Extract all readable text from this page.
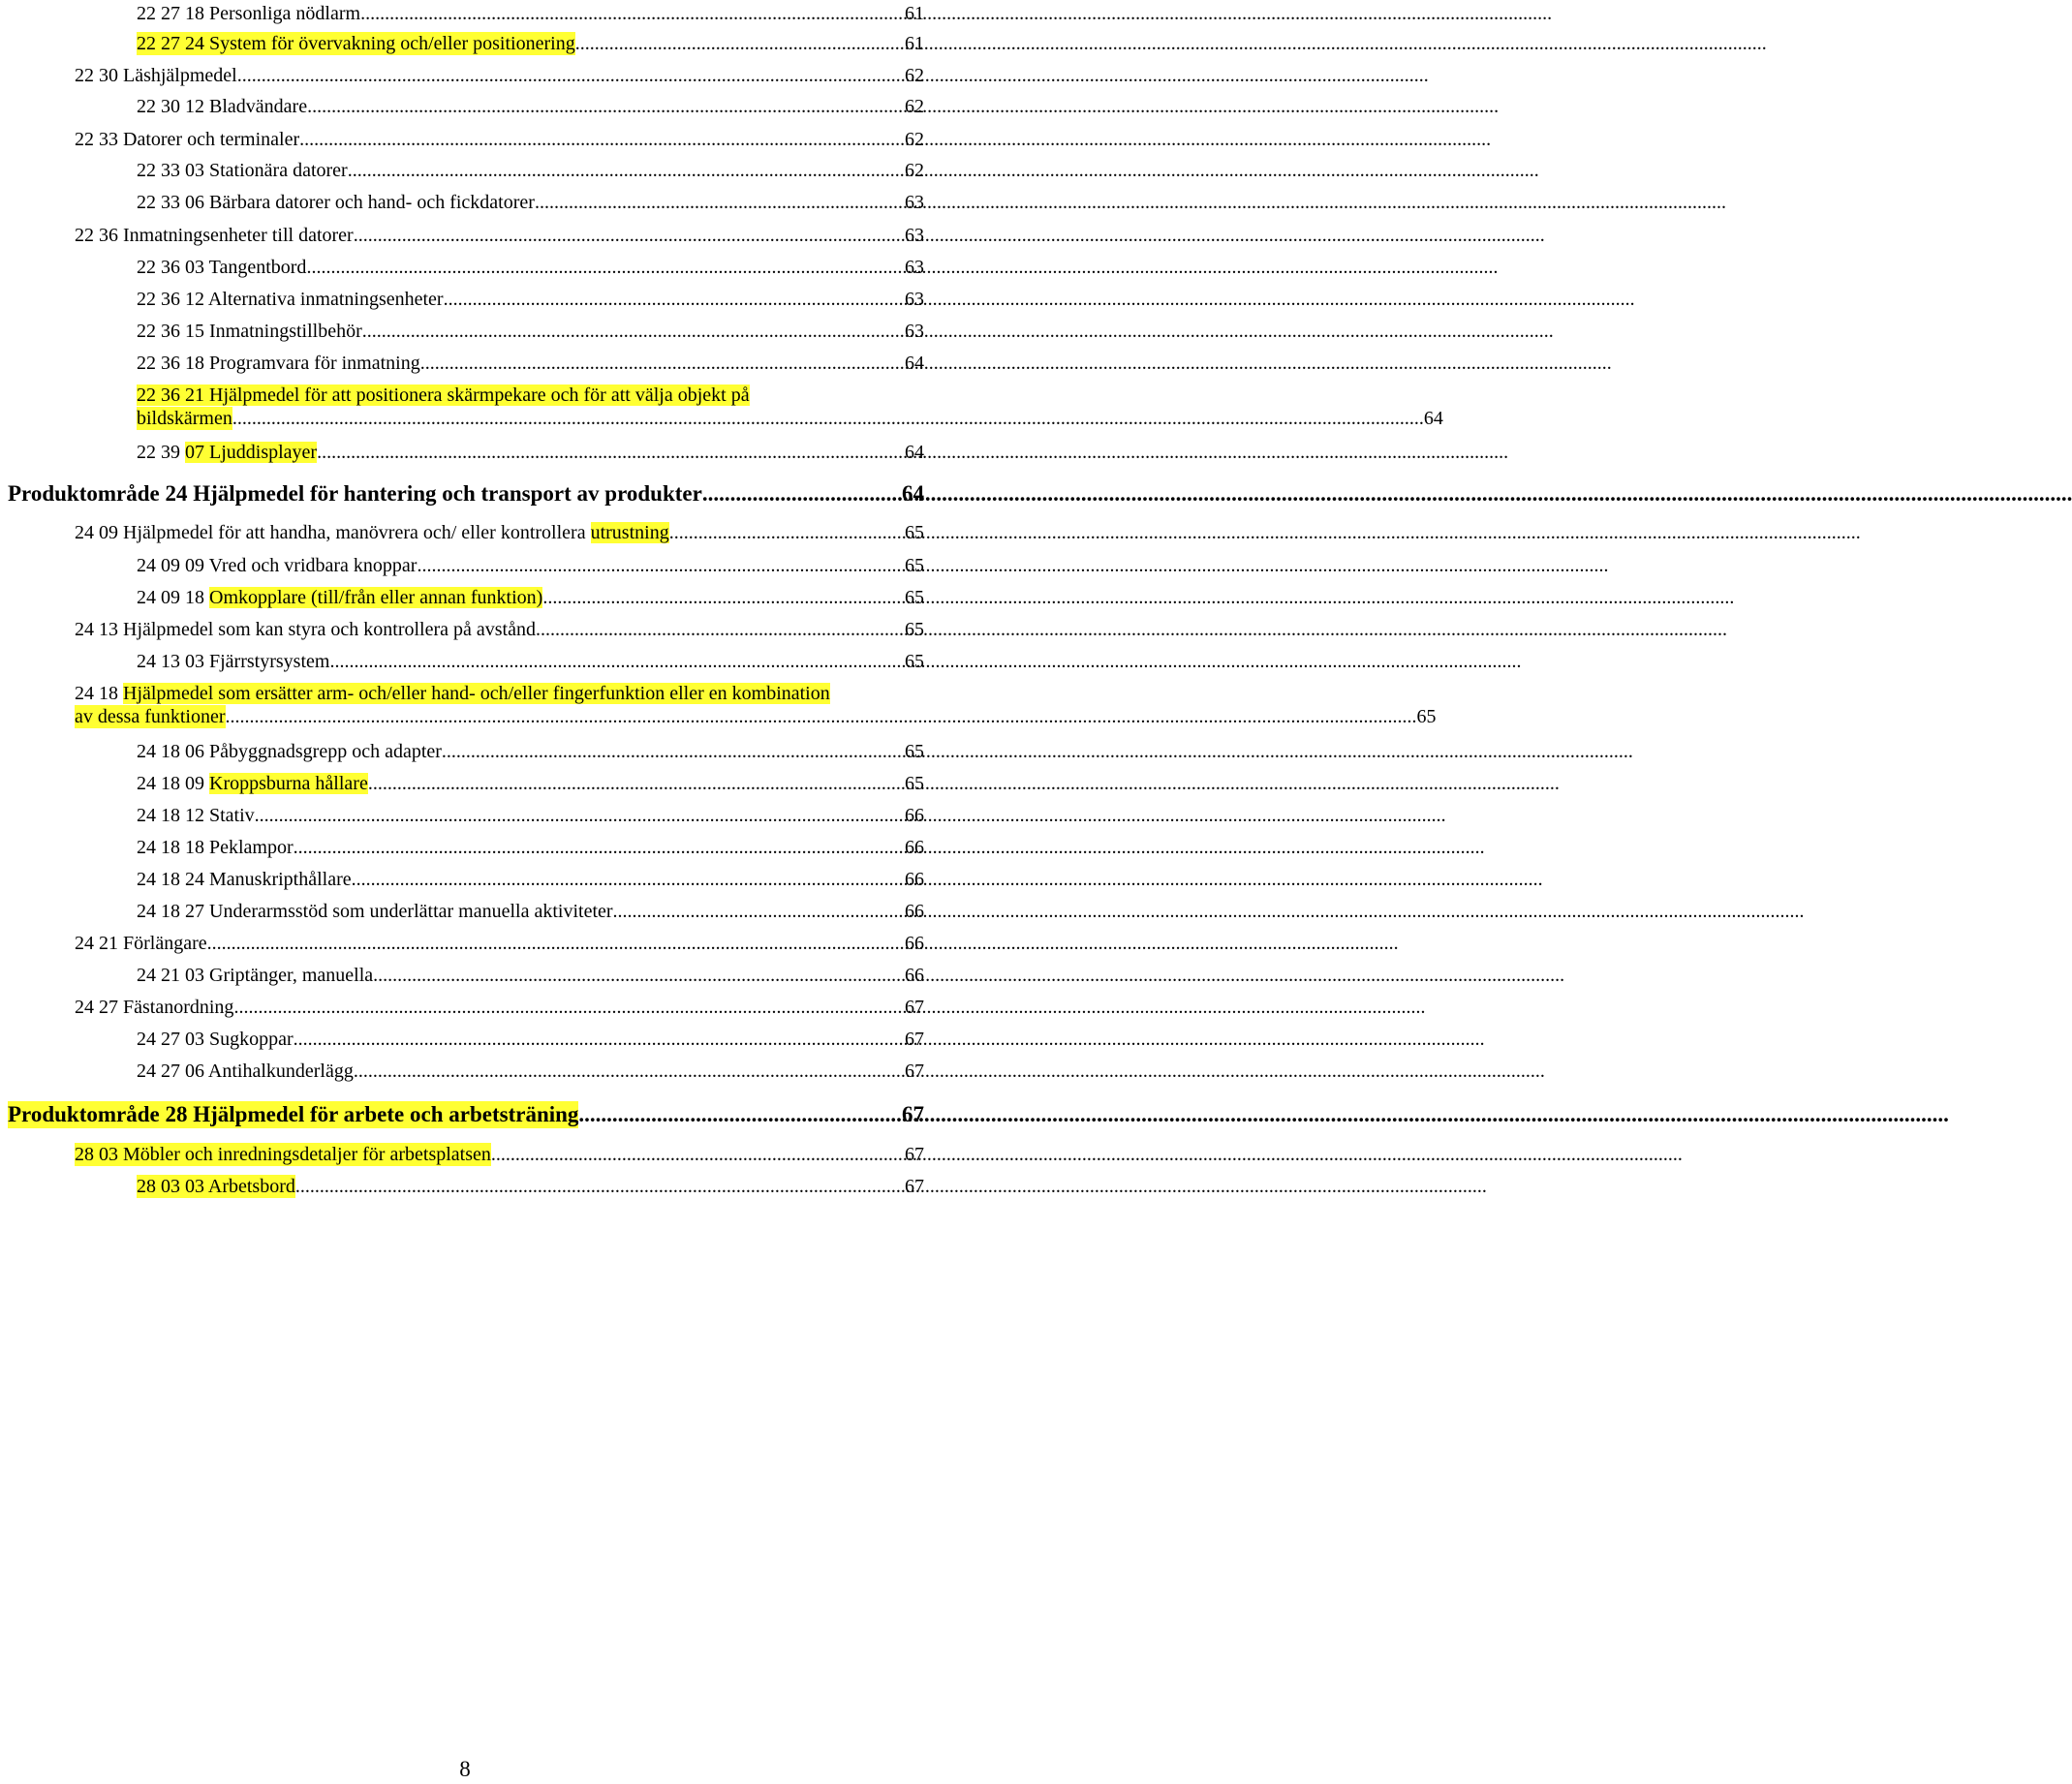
22 27 18 Personliga nödlarm .....	61
22 27 24 System för övervakning och/eller positionering .....	61
22 30 Läshjälpmedel .....	62
22 30 12 Bladvändare .....	62
22 33 Datorer och terminaler .....	62
22 33 03 Stationära datorer .....	62
22 33 06 Bärbara datorer och hand- och fickdatorer .....	63
22 36 Inmatningsenheter till datorer .....	63
22 36 03 Tangentbord .....	63
22 36 12 Alternativa inmatningsenheter .....	63
22 36 15 Inmatningstillbehör .....	63
22 36 18 Programvara för inmatning .....	64
22 36 21 Hjälpmedel för att positionera skärmpekare och för att välja objekt på
bildskärmen .....	64
22 39 07 Ljuddisplayer .....	64
Produktområde 24 Hjälpmedel för hantering och transport av produkter .....	64
24 09 Hjälpmedel för att handha, manövrera och/ eller kontrollera utrustning .....	65
24 09 09 Vred och vridbara knoppar .....	65
24 09 18 Omkopplare (till/från eller annan funktion) .....	65
24 13 Hjälpmedel som kan styra och kontrollera på avstånd .....	65
24 13 03 Fjärrstyrsystem .....	65
24 18 Hjälpmedel som ersätter arm- och/eller hand- och/eller fingerfunktion eller en kombination
av dessa funktioner .....	65
24 18 06 Påbyggnadsgrepp och adapter .....	65
24 18 09 Kroppsburna hållare .....	65
24 18 12 Stativ .....	66
24 18 18 Peklampor .....	66
24 18 24 Manuskripthållare .....	66
24 18 27 Underarmsstöd som underlättar manuella aktiviteter .....	66
24 21 Förlängare .....	66
24 21 03 Griptänger, manuella .....	66
24 27 Fästanordning .....	67
24 27 03 Sugkoppar .....	67
24 27 06 Antihalkunderlägg .....	67
Produktområde 28 Hjälpmedel för arbete och arbetsträning .....	67
28 03 Möbler och inredningsdetaljer för arbetsplatsen .....	67
28 03 03 Arbetsbord .....	67
8
